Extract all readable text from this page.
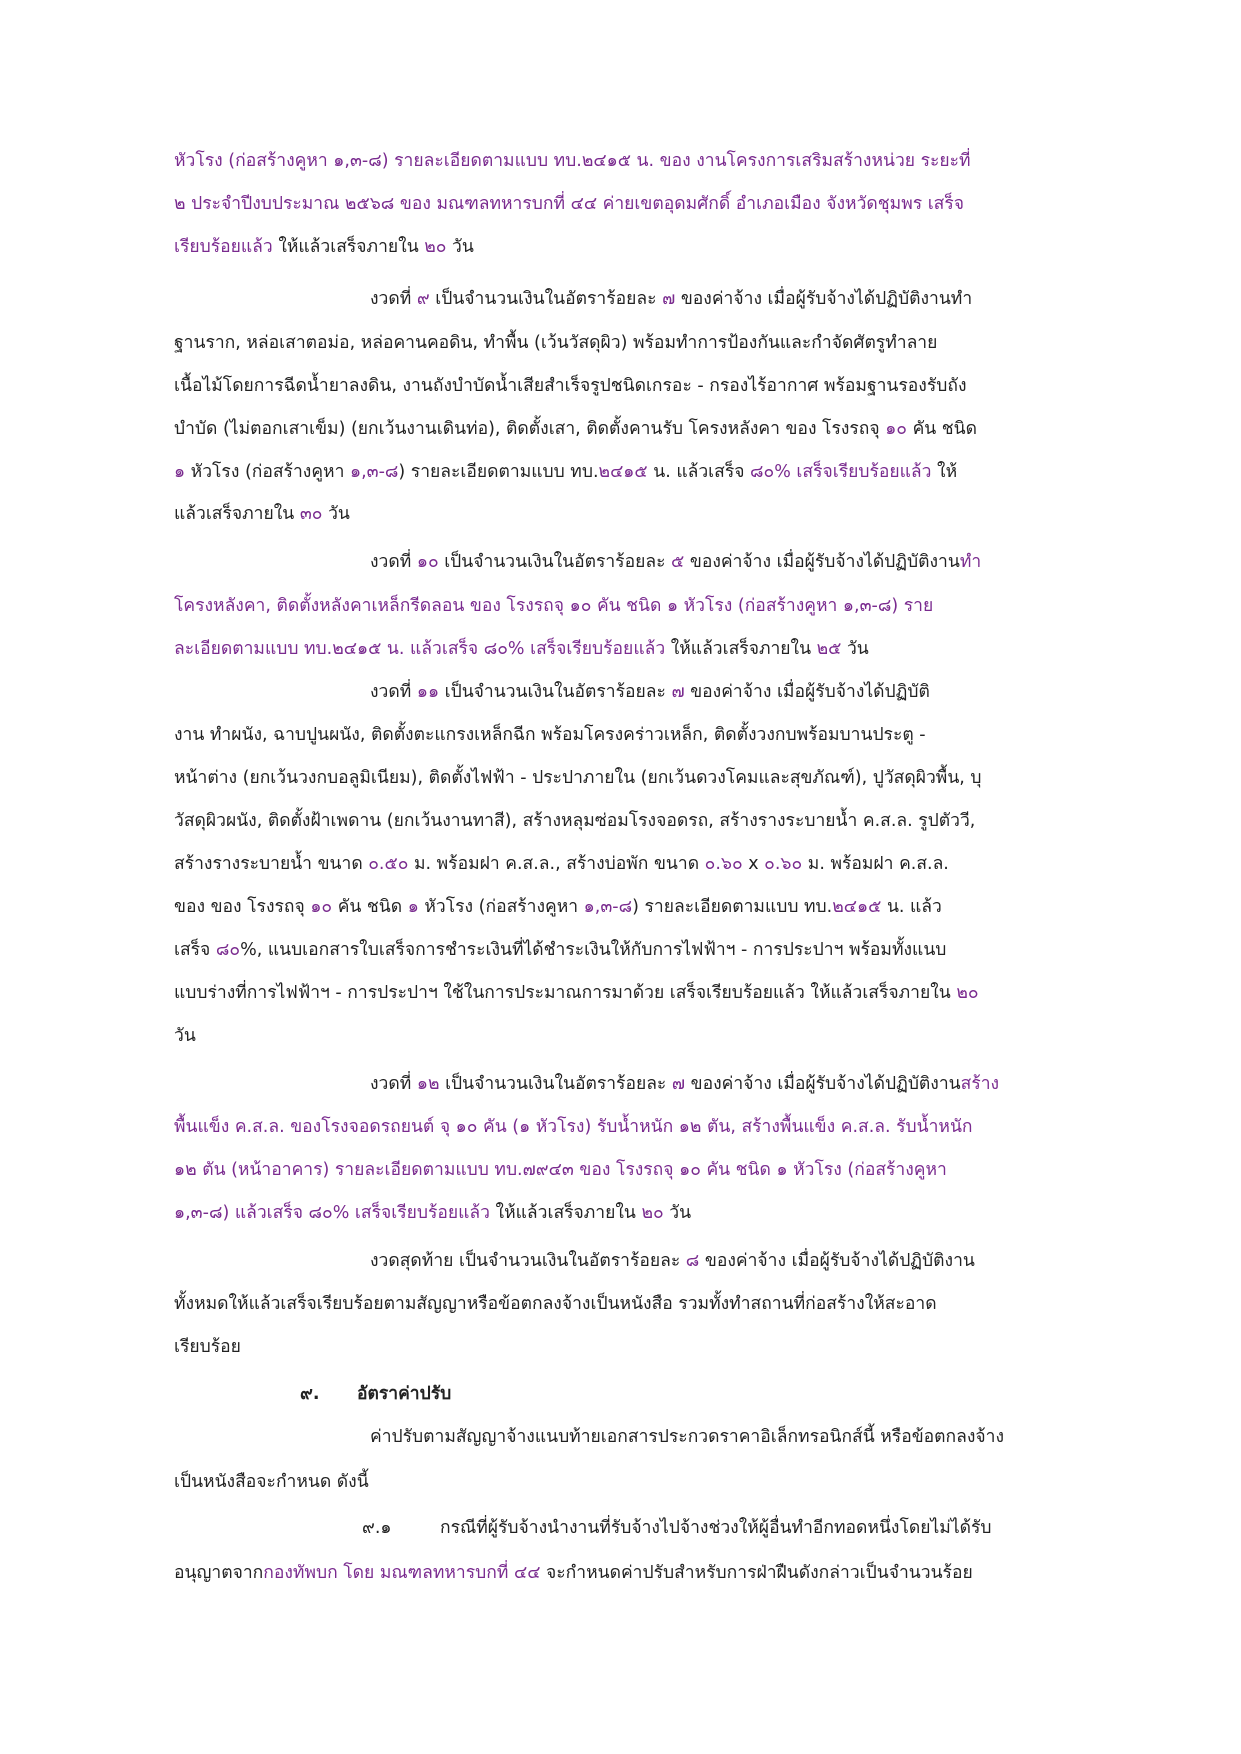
หัวโรง (ก่อสร้างคูหา ๑,๓-๘) รายละเอียดตามแบบ ทบ.๒๔๑๕ น. ของ งานโครงการเสริมสร้างหน่วย ระยะที่
๒ ประจำปีงบประมาณ ๒๕๖๘ ของ มณฑลทหารบกที่ ๔๔ ค่ายเขตอุดมศักดิ์ อำเภอเมือง จังหวัดชุมพร เสร็จ
เรียบร้อยแล้ว ให้แล้วเสร็จภายใน ๒๐ วัน
งวดที่ ๙ เป็นจำนวนเงินในอัตราร้อยละ ๗ ของค่าจ้าง เมื่อผู้รับจ้างได้ปฏิบัติงานทำ
ฐานราก, หล่อเสาตอม่อ, หล่อคานคอดิน, ทำพื้น (เว้นวัสดุผิว) พร้อมทำการป้องกันและกำจัดศัตรูทำลาย
เนื้อไม้โดยการฉีดน้ำยาลงดิน, งานถังบำบัดน้ำเสียสำเร็จรูปชนิดเกรอะ - กรองไร้อากาศ พร้อมฐานรองรับถัง
บำบัด (ไม่ตอกเสาเข็ม) (ยกเว้นงานเดินท่อ), ติดตั้งเสา, ติดตั้งคานรับ โครงหลังคา ของ โรงรถจุ ๑๐ คัน ชนิด
๑ หัวโรง (ก่อสร้างคูหา ๑,๓-๘) รายละเอียดตามแบบ ทบ.๒๔๑๕ น. แล้วเสร็จ ๘๐% เสร็จเรียบร้อยแล้ว ให้
แล้วเสร็จภายใน ๓๐ วัน
งวดที่ ๑๐ เป็นจำนวนเงินในอัตราร้อยละ ๕ ของค่าจ้าง เมื่อผู้รับจ้างได้ปฏิบัติงานทำ
โครงหลังคา, ติดตั้งหลังคาเหล็กรีดลอน ของ โรงรถจุ ๑๐ คัน ชนิด ๑ หัวโรง (ก่อสร้างคูหา ๑,๓-๘) ราย
ละเอียดตามแบบ ทบ.๒๔๑๕ น. แล้วเสร็จ ๘๐% เสร็จเรียบร้อยแล้ว ให้แล้วเสร็จภายใน ๒๕ วัน
งวดที่ ๑๑ เป็นจำนวนเงินในอัตราร้อยละ ๗ ของค่าจ้าง เมื่อผู้รับจ้างได้ปฏิบัติ
งาน ทำผนัง, ฉาบปูนผนัง, ติดตั้งตะแกรงเหล็กฉีก พร้อมโครงคร่าวเหล็ก, ติดตั้งวงกบพร้อมบานประตู -
หน้าต่าง (ยกเว้นวงกบอลูมิเนียม), ติดตั้งไฟฟ้า - ประปาภายใน (ยกเว้นดวงโคมและสุขภัณฑ์), ปูวัสดุผิวพื้น, บุ
วัสดุผิวผนัง, ติดตั้งฝ้าเพดาน (ยกเว้นงานทาสี), สร้างหลุมซ่อมโรงจอดรถ, สร้างรางระบายน้ำ ค.ส.ล. รูปตัววี,
สร้างรางระบายน้ำ ขนาด ๐.๕๐ ม. พร้อมฝา ค.ส.ล., สร้างบ่อพัก ขนาด ๐.๖๐ x ๐.๖๐ ม. พร้อมฝา ค.ส.ล.
ของ ของ โรงรถจุ ๑๐ คัน ชนิด ๑ หัวโรง (ก่อสร้างคูหา ๑,๓-๘) รายละเอียดตามแบบ ทบ.๒๔๑๕ น. แล้ว
เสร็จ ๘๐%, แนบเอกสารใบเสร็จการชำระเงินที่ได้ชำระเงินให้กับการไฟฟ้าฯ - การประปาฯ พร้อมทั้งแนบ
แบบร่างที่การไฟฟ้าฯ - การประปาฯ ใช้ในการประมาณการมาด้วย เสร็จเรียบร้อยแล้ว ให้แล้วเสร็จภายใน ๒๐
วัน
งวดที่ ๑๒ เป็นจำนวนเงินในอัตราร้อยละ ๗ ของค่าจ้าง เมื่อผู้รับจ้างได้ปฏิบัติงานสร้าง
พื้นแข็ง ค.ส.ล. ของโรงจอดรถยนต์ จุ ๑๐ คัน (๑ หัวโรง) รับน้ำหนัก ๑๒ ตัน, สร้างพื้นแข็ง ค.ส.ล. รับน้ำหนัก
๑๒ ตัน (หน้าอาคาร) รายละเอียดตามแบบ ทบ.๗๙๔๓ ของ โรงรถจุ ๑๐ คัน ชนิด ๑ หัวโรง (ก่อสร้างคูหา
๑,๓-๘) แล้วเสร็จ ๘๐% เสร็จเรียบร้อยแล้ว ให้แล้วเสร็จภายใน ๒๐ วัน
งวดสุดท้าย เป็นจำนวนเงินในอัตราร้อยละ ๘ ของค่าจ้าง เมื่อผู้รับจ้างได้ปฏิบัติงาน
ทั้งหมดให้แล้วเสร็จเรียบร้อยตามสัญญาหรือข้อตกลงจ้างเป็นหนังสือ รวมทั้งทำสถานที่ก่อสร้างให้สะอาด
เรียบร้อย
๙.	อัตราค่าปรับ
ค่าปรับตามสัญญาจ้างแนบท้ายเอกสารประกวดราคาอิเล็กทรอนิกส์นี้ หรือข้อตกลงจ้าง
เป็นหนังสือจะกำหนด ดังนี้
๙.๑	กรณีที่ผู้รับจ้างนำงานที่รับจ้างไปจ้างช่วงให้ผู้อื่นทำอีกทอดหนึ่งโดยไม่ได้รับ
อนุญาตจากกองทัพบก โดย มณฑลทหารบกที่ ๔๔ จะกำหนดค่าปรับสำหรับการฝ่าฝืนดังกล่าวเป็นจำนวนร้อย
